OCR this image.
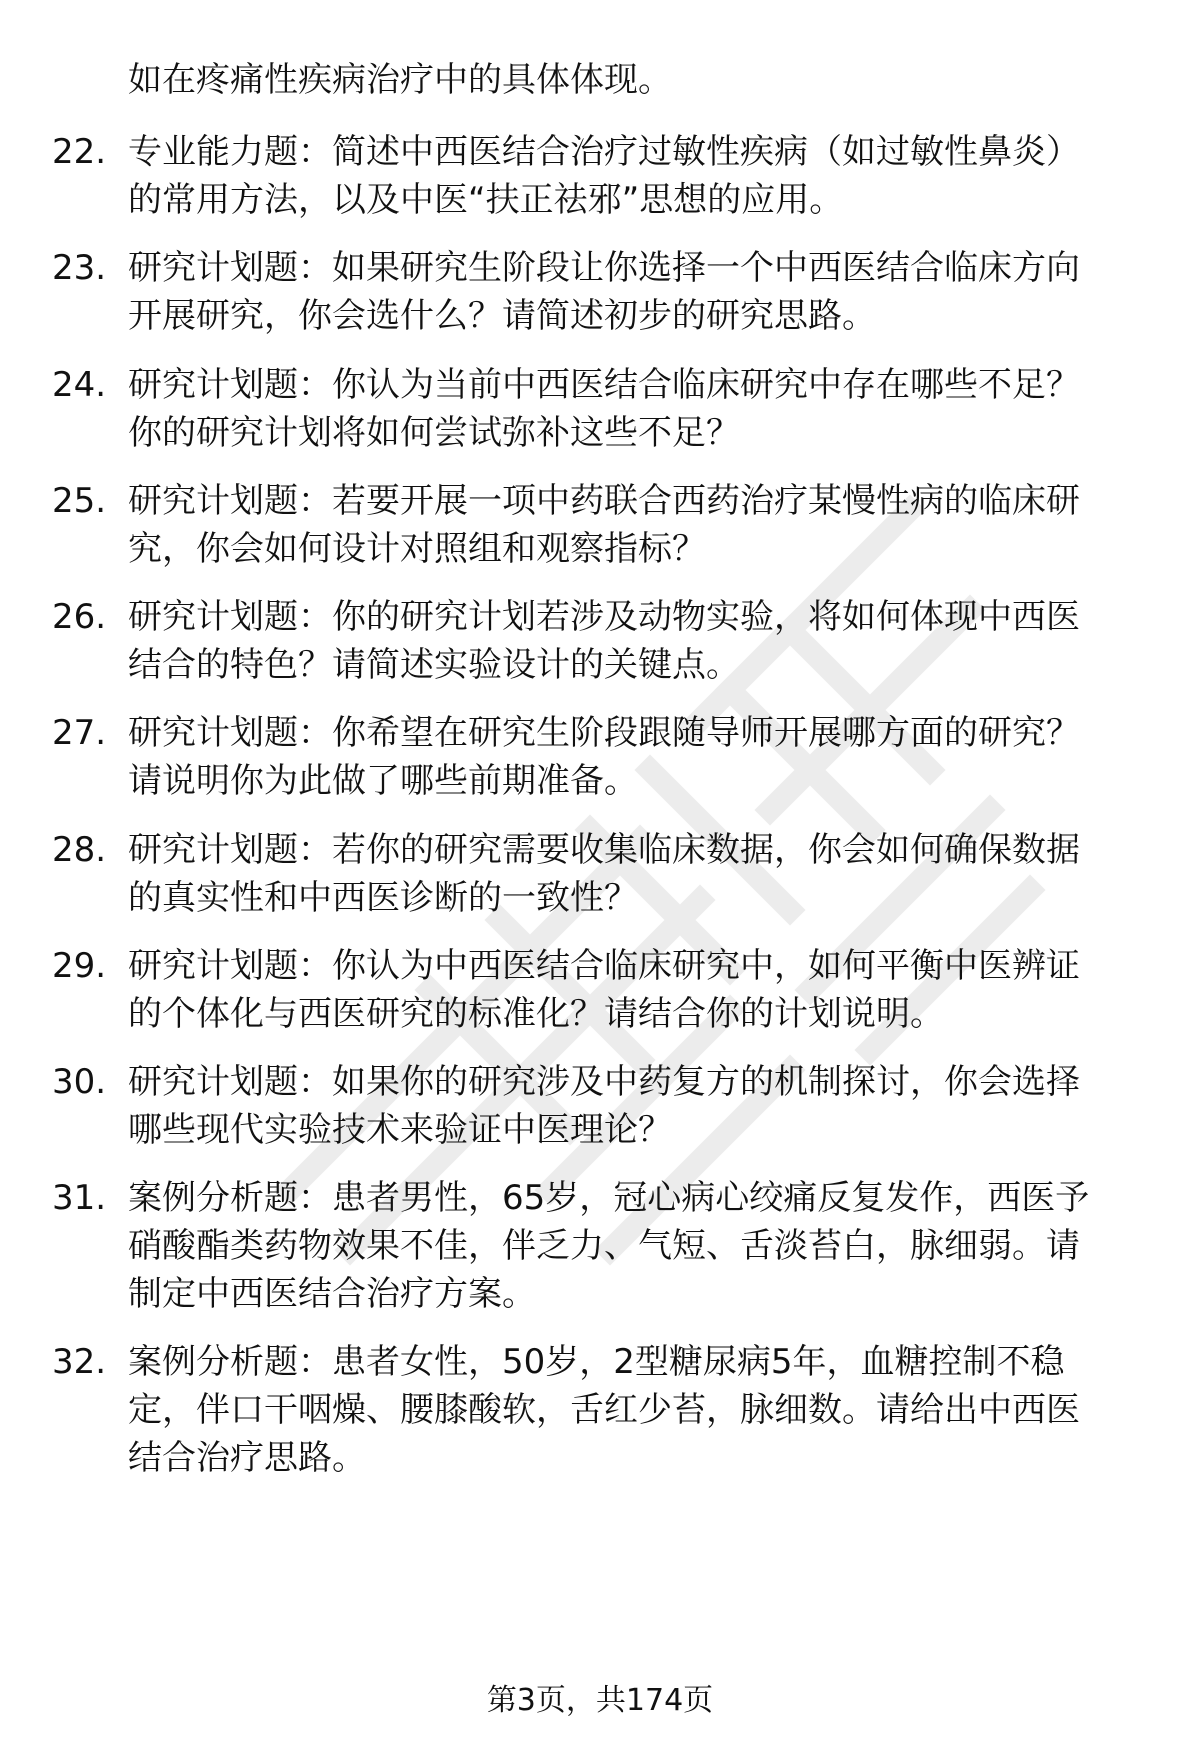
如在疼痛性疾病治疗中的具体体现。
22. 专业能力题：简述中西医结合治疗过敏性疾病（如过敏性鼻炎）
的常用方法，以及中医“扶正祛邪”思想的应用。
23. 研究计划题：如果研究生阶段让你选择一个中西医结合临床方向
开展研究，你会选什么？请简述初步的研究思路。
24. 研究计划题：你认为当前中西医结合临床研究中存在哪些不足？
你的研究计划将如何尝试弥补这些不足？
25. 研究计划题：若要开展一项中药联合西药治疗某慢性病的临床研
究，你会如何设计对照组和观察指标？
26. 研究计划题：你的研究计划若涉及动物实验，将如何体现中西医
结合的特色？请简述实验设计的关键点。
27. 研究计划题：你希望在研究生阶段跟随导师开展哪方面的研究？
请说明你为此做了哪些前期准备。
28. 研究计划题：若你的研究需要收集临床数据，你会如何确保数据
的真实性和中西医诊断的一致性？
29. 研究计划题：你认为中西医结合临床研究中，如何平衡中医辨证
的个体化与西医研究的标准化？请结合你的计划说明。
30. 研究计划题：如果你的研究涉及中药复方的机制探讨，你会选择
哪些现代实验技术来验证中医理论？
31. 案例分析题：患者男性，65岁，冠心病心绞痛反复发作，西医予
硝酸酯类药物效果不佳，伴乏力、气短、舌淡苔白，脉细弱。请
制定中西医结合治疗方案。
32. 案例分析题：患者女性，50岁，2型糖尿病5年，血糖控制不稳
定，伴口干咽燥、腰膝酸软，舌红少苔，脉细数。请给出中西医
结合治疗思路。
第3页，共174页
